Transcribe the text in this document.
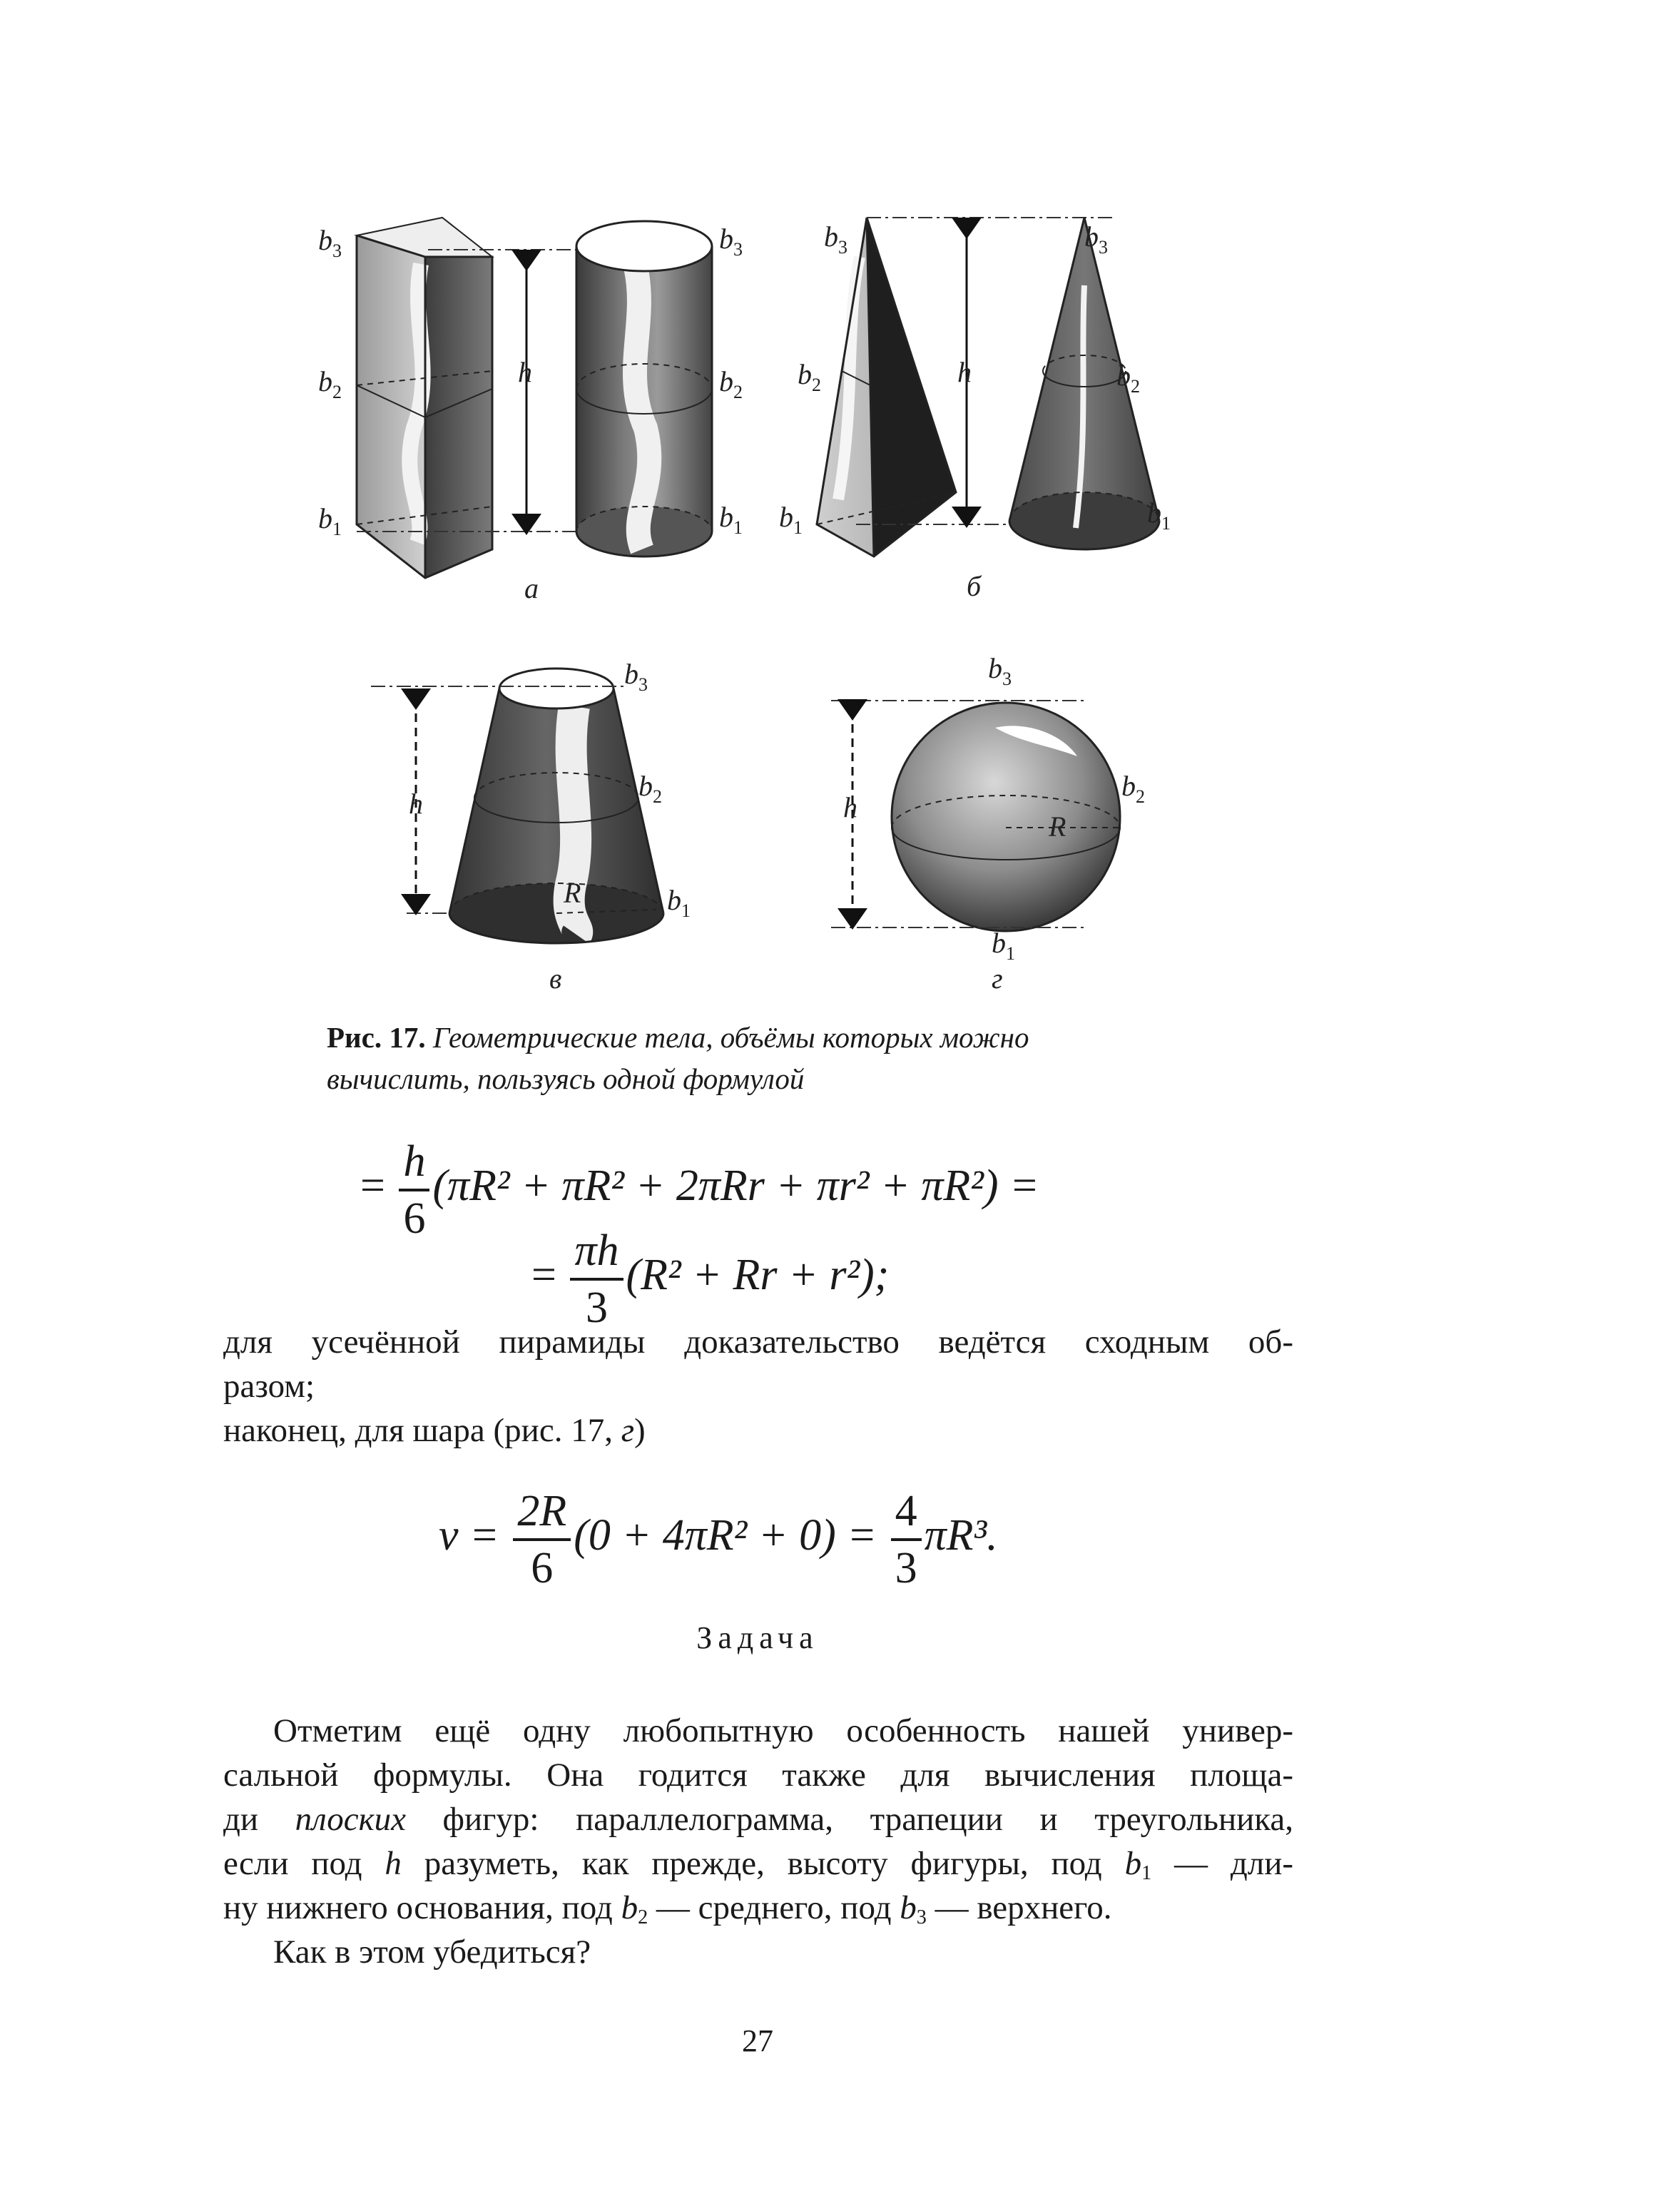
$b_3$
$b_2$
$b_1$
h
$b_3$
$b_2$
$b_1$
а
$b_3$
$b_2$
$b_1$
h
$b_3$
$b_2$
$b_1$
б
$b_3$
$b_2$
$b_1$
h
R
в
$b_3$
$b_2$
$b_1$
h
R
г
Рис. 17. Геометрические тела, объёмы которых можно
вычислить, пользуясь одной формулой
= $\frac{h}{6} (\pi R^2 + \pi R^2 + 2\pi Rr + \pi r^2 + \pi R^2)$ =
= $\frac{\pi h}{3} (R^2 + Rr + r^2)$;
для усечённой пирамиды доказательство ведётся сходным об-
разом;
наконец, для шара (рис. 17, г)
$v = \frac{2R}{6} (0 + 4\pi R^2 + 0) = \frac{4}{3} \pi R^3$.
Задача
Отметим ещё одну любопытную особенность нашей универ-
сальной формулы. Она годится также для вычисления площа-
ди плоских фигур: параллелограмма, трапеции и треугольника,
если под h разуметь, как прежде, высоту фигуры, под $b_1$ — дли-
ну нижнего основания, под $b_2$ — среднего, под $b_3$ — верхнего.
Как в этом убедиться?
27
